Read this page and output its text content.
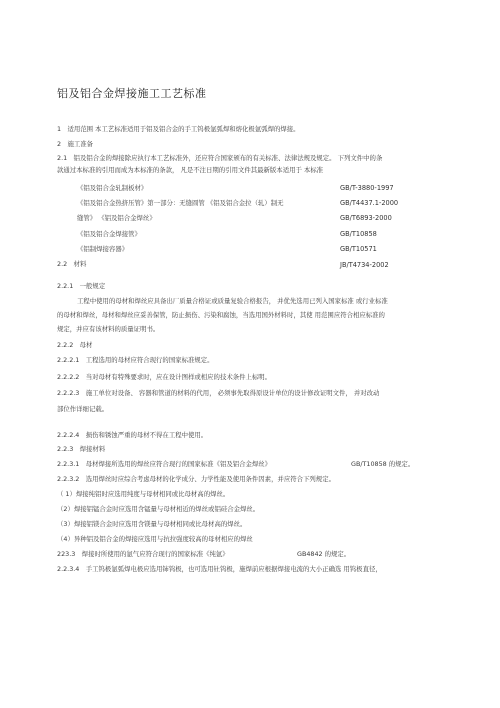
铝及铝合金焊接施工工艺标准
1　适用范围 本工艺标准适用于铝及铝合金的手工钨极氩弧焊和熔化极氩弧焊的焊接。
2　施工准备
2.1　铝及铝合金的焊接除应执行本工艺标准外，还应符合国家颁布的有关标准、法律法规及规定。 下列文件中的条
款通过本标准的引用而成为本标准的条款， 凡是不注日期的引用文件其最新版本适用于 本标准
《铝及铝合金轧制板材》
《铝及铝合金热挤压管》第一部分：无缝圆管 《铝及铝合金拉（轧）制无
缝管》 《铝及铝合金焊丝》
《铝及铝合金焊接管》
《铝制焊接容器》
2.2　材料
GB/T-3880-1997
GB/T4437.1-2000
GB/T6893-2000
GB/T10858
GB/T10571
JB/T4734-2002
2.2.1　一般规定
工程中使用的母材和焊丝应具备出厂质量合格证或质量复验合格报告， 并优先选用已列入国家标准 或行业标准
的母材和焊丝，母材和焊丝应妥善保管，防止损伤、污染和腐蚀，当选用国外材料时，其使 用范围应符合相应标准的
规定，并应有该材料的质量证明书。
2.2.2　母材
2.2.2.1　工程选用的母材应符合现行的国家标准规定。
2.2.2.2　当对母材有特殊要求时，应在设计图样或相应的技术条件上标明。
2.2.2.3　施工单位对设备、 容器和管道的材料的代用， 必须事先取得原设计单位的设计修改证明文件， 并对改动
部位作详细记载。
2.2.2.4　损伤和锈蚀严重的母材不得在工程中使用。
2.2.3　焊接材料
2.2.3.1　母材焊接所选用的焊丝应符合现行的国家标准《铝及铝合金焊丝》	GB/T10858 的规定。
2.2.3.2　选用焊丝时应综合考虑母材的化学成分、力学性能及使用条件因素，并应符合下列规定。
（ 1）焊接纯铝时应选用纯度与母材相同或比母材高的焊丝。
（2）焊接铝锰合金时应选用含锰量与母材相近的焊丝或铝硅合金焊丝。
（3）焊接铝镁合金时应选用含镁量与母材相同或比母材高的焊丝。
（4）异种铝及铝合金的焊接应选用与抗拉强度较高的母材相应的焊丝
223.3　焊接时所使用的氩气应符合现行的国家标准《纯氩》	GB4842 的规定。
2.2.3.4　手工钨极氩弧焊电极应选用铈钨极，也可选用钍钨极，施焊前应根据焊接电流的大小正确选 用钨极直径，
